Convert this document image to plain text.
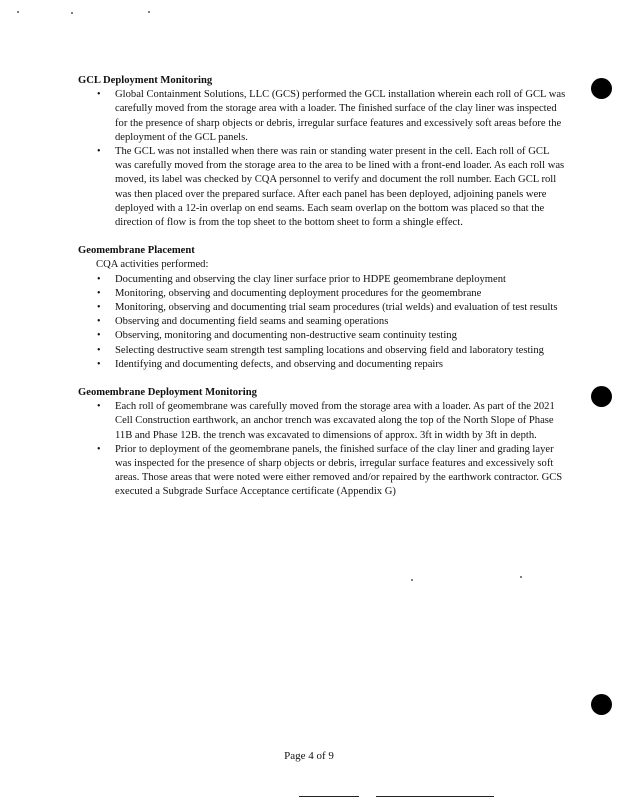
GCL Deployment Monitoring
• Global Containment Solutions, LLC (GCS) performed the GCL installation wherein each roll of GCL was carefully moved from the storage area with a loader. The finished surface of the clay liner was inspected for the presence of sharp objects or debris, irregular surface features and excessively soft areas before the deployment of the GCL panels.
• The GCL was not installed when there was rain or standing water present in the cell. Each roll of GCL was carefully moved from the storage area to the area to be lined with a front-end loader. As each roll was moved, its label was checked by CQA personnel to verify and document the roll number. Each GCL roll was then placed over the prepared surface. After each panel has been deployed, adjoining panels were deployed with a 12-in overlap on end seams. Each seam overlap on the bottom was placed so that the direction of flow is from the top sheet to the bottom sheet to form a shingle effect.
Geomembrane Placement
CQA activities performed:
• Documenting and observing the clay liner surface prior to HDPE geomembrane deployment
• Monitoring, observing and documenting deployment procedures for the geomembrane
• Monitoring, observing and documenting trial seam procedures (trial welds) and evaluation of test results
• Observing and documenting field seams and seaming operations
• Observing, monitoring and documenting non-destructive seam continuity testing
• Selecting destructive seam strength test sampling locations and observing field and laboratory testing
• Identifying and documenting defects, and observing and documenting repairs
Geomembrane Deployment Monitoring
• Each roll of geomembrane was carefully moved from the storage area with a loader. As part of the 2021 Cell Construction earthwork, an anchor trench was excavated along the top of the North Slope of Phase 11B and Phase 12B. the trench was excavated to dimensions of approx. 3ft in width by 3ft in depth.
• Prior to deployment of the geomembrane panels, the finished surface of the clay liner and grading layer was inspected for the presence of sharp objects or debris, irregular surface features and excessively soft areas. Those areas that were noted were either removed and/or repaired by the earthwork contractor. GCS executed a Subgrade Surface Acceptance certificate (Appendix G)
Page 4 of 9
